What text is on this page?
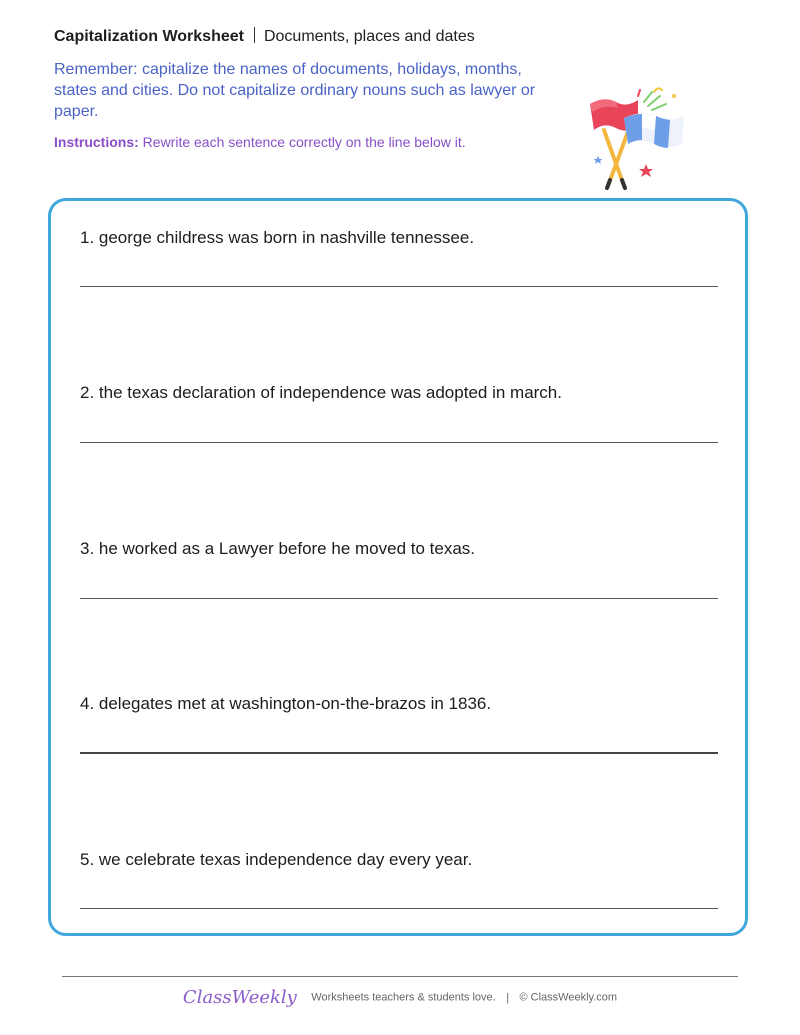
Capitalization Worksheet Documents, places and dates
Remember: capitalize the names of documents, holidays, months, states and cities. Do not capitalize ordinary nouns such as lawyer or paper.
Instructions: Rewrite each sentence correctly on the line below it.
1. george childress was born in nashville tennessee.
2. the texas declaration of independence was adopted in march.
3. he worked as a Lawyer before he moved to texas.
4. delegates met at washington-on-the-brazos in 1836.
5. we celebrate texas independence day every year.
ClassWeekly Worksheets teachers & students love. | © ClassWeekly.com
